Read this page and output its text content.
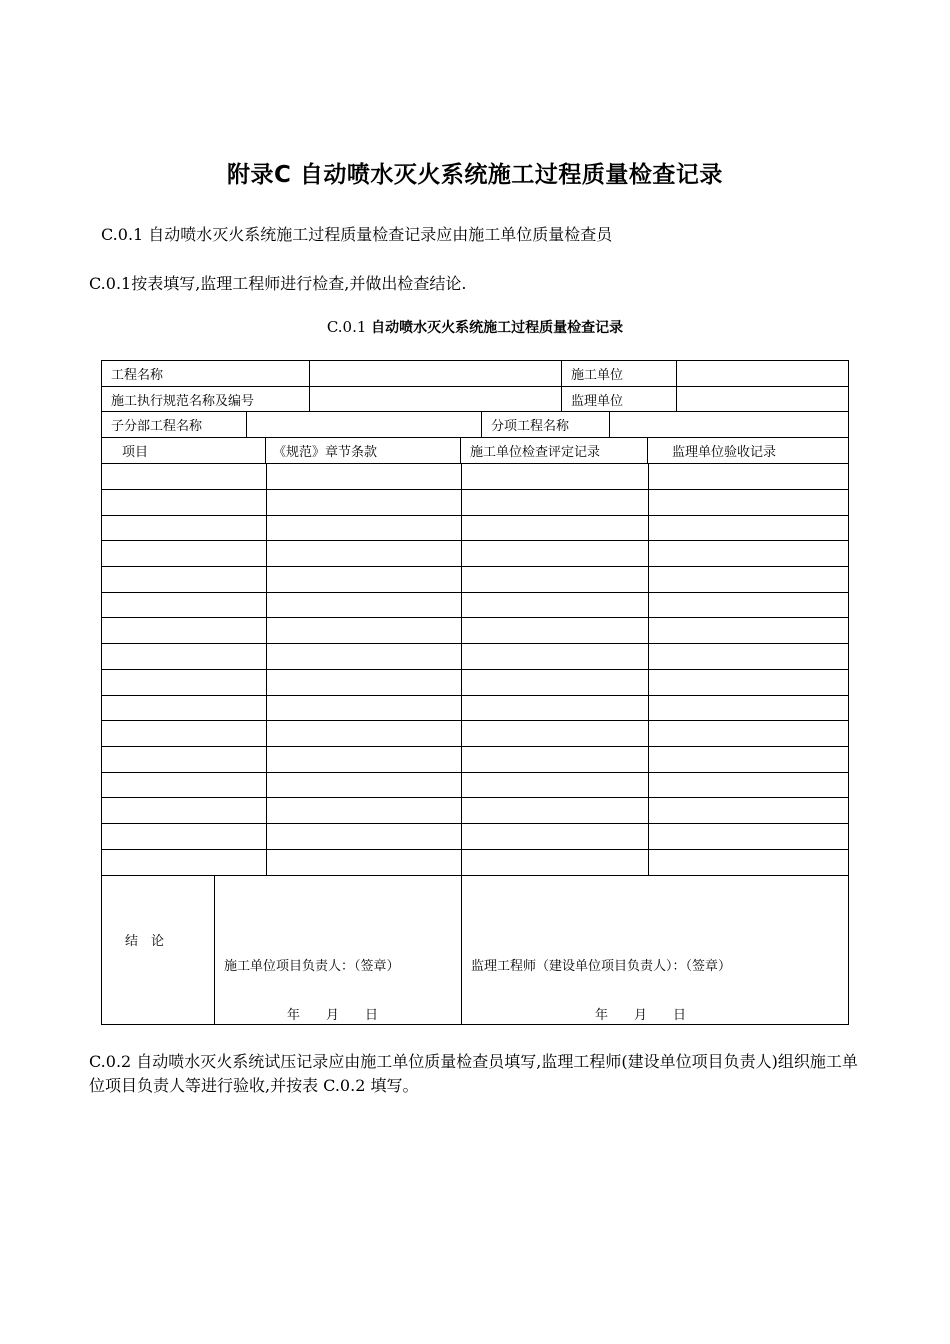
附录C 自动喷水灭火系统施工过程质量检查记录
C.0.1 自动喷水灭火系统施工过程质量检查记录应由施工单位质量检查员
C.0.1按表填写,监理工程师进行检查,并做出检查结论.
C.0.1 自动喷水灭火系统施工过程质量检查记录
工程名称	施工单位
施工执行规范名称及编号	监理单位
子分部工程名称	分项工程名称
项目	《规范》章节条款	施工单位检查评定记录	监理单位验收记录
结　论
施工单位项目负责人：（签章）
年　　月　　日
监理工程师（建设单位项目负责人）：（签章）
年　　月　　日
C.0.2 自动喷水灭火系统试压记录应由施工单位质量检查员填写,监理工程师(建设单位项目负责人)组织施工单位项目负责人等进行验收,并按表 C.0.2 填写。
